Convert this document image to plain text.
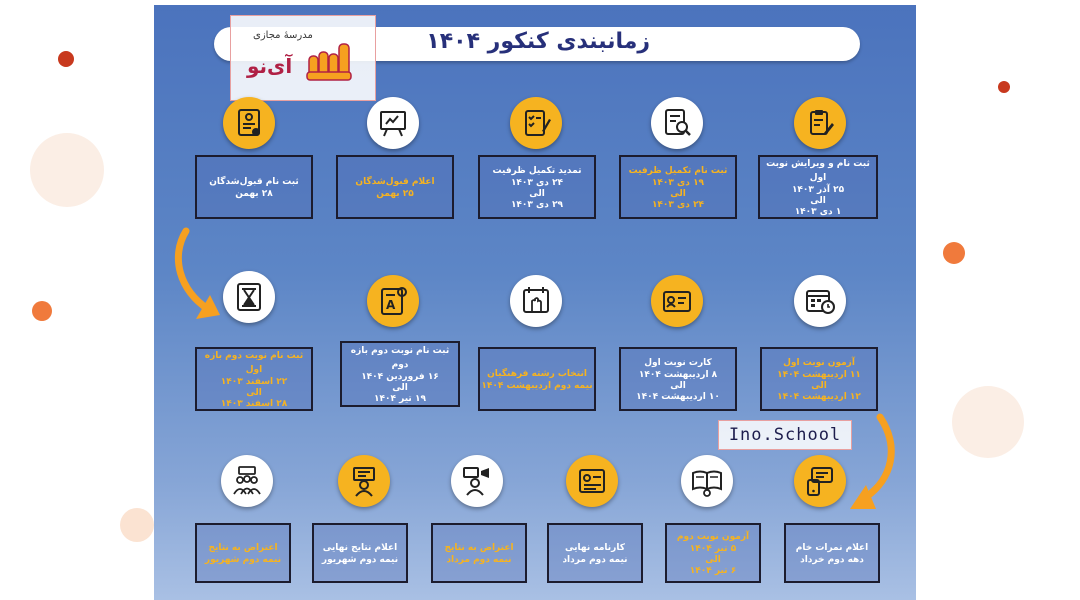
زمانبندی کنکور ۱۴۰۴
مدرسهٔ مجازی
آی‌نو
ثبت نام و ویرایش نوبت اول
۲۵ آذر ۱۴۰۳
الی
۱ دی ۱۴۰۳
ثبت نام تکمیل ظرفیت
۱۹ دی ۱۴۰۳
الی
۲۴ دی ۱۴۰۳
تمدید تکمیل ظرفیت
۲۴ دی ۱۴۰۳
الی
۲۹ دی ۱۴۰۳
اعلام قبول‌شدگان
۲۵ بهمن
ثبت نام قبول‌شدگان
۲۸ بهمن
A
آزمون نوبت اول
۱۱ اردیبهشت ۱۴۰۴
الی
۱۲ اردیبهشت ۱۴۰۴
کارت نوبت اول
۸ اردیبهشت ۱۴۰۴
الی
۱۰ اردیبهشت ۱۴۰۴
انتخاب رشته فرهنگیان
نیمه دوم اردیبهشت ۱۴۰۴
ثبت نام نوبت دوم بازه دوم
۱۶ فروردین ۱۴۰۴
الی
۱۹ تیر ۱۴۰۴
ثبت نام نوبت دوم بازه اول
۲۲ اسفند ۱۴۰۳
الی
۲۸ اسفند ۱۴۰۳
Ino.School
اعلام نمرات خام
دهه دوم خرداد
آزمون نوبت دوم
۵ تیر ۱۴۰۴
الی
۶ تیر ۱۴۰۴
کارنامه نهایی
نیمه دوم مرداد
اعتراض به نتایج
نیمه دوم مرداد
اعلام نتایج نهایی
نیمه دوم شهریور
اعتراض به نتایج
نیمه دوم شهریور
